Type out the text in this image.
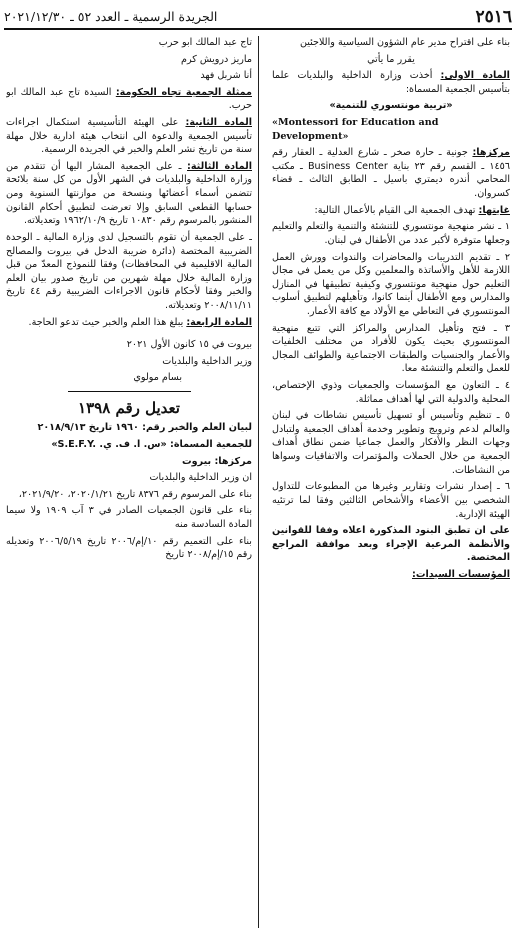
٢٥١٦
الجريدة الرسمية ـ العدد ٥٢ ـ ٢٠٢١/١٢/٣٠

بناء على اقتراح مدير عام الشؤون السياسية واللاجئين

يقرر ما يأتي

المادة الاولى: أخذت وزارة الداخلية والبلديات علما بتأسيس الجمعية المسماة:

«تربية مونتسوري للتنمية»

«Montessori for Education and Development»

مركزها: جونية ـ حارة صخر ـ شارع العدلية ـ العقار رقم ١٤٥٦ ـ القسم رقم ٢٣ بناية Business Center ـ مكتب المحامي أندره ديمتري باسيل ـ الطابق الثالث ـ قضاء كسروان.

غايتها: تهدف الجمعية الى القيام بالأعمال التالية:

١ ـ نشر منهجية مونتسوري للتنشئة والتنمية والتعلم والتعليم وجعلها متوفرة لأكبر عدد من الأطفال في لبنان.

٢ ـ تقديم التدريبات والمحاضرات والندوات وورش العمل اللازمة للأهل والأساتذة والمعلمين وكل من يعمل في مجال التعليم حول منهجية مونتسوري وكيفية تطبيقها في المنازل والمدارس ومع الأطفال أينما كانوا، وتأهيلهم لتطبيق أسلوب المونتسوري في التعاطي مع الأولاد مع كافة الأعمار.

٣ ـ فتح وتأهيل المدارس والمراكز التي تتبع منهجية المونتسوري بحيث يكون للأفراد من مختلف الخلفيات والأعمار والجنسيات والطبقات الاجتماعية والطوائف المجال للعمل والتعلم والتنشئة معا.

٤ ـ التعاون مع المؤسسات والجمعيات وذوي الإختصاص، المحلية والدولية التي لها أهداف مماثلة.

٥ ـ تنظيم وتأسيس أو تسهيل تأسيس نشاطات في لبنان والعالم لدعم وترويج وتطوير وخدمة أهداف الجمعية ولتبادل وجهات النظر والأفكار والعمل جماعيا ضمن نطاق أهداف الجمعية من خلال الحملات والمؤتمرات والاتفاقيات وسواها من النشاطات.

٦ ـ إصدار نشرات وتقارير وغيرها من المطبوعات للتداول الشخصي بين الأعضاء والأشخاص الثالثين وفقا لما ترتئيه الهيئة الإدارية.

على ان تطبق البنود المذكورة اعلاه وفقا للقوانين والأنظمة المرعية الإجراء وبعد موافقة المراجع المختصة.

المؤسسات السيدات:

تاج عبد المالك ابو حرب

ماريز درويش كرم

أنا شربل فهد

ممثلة الجمعية تجاه الحكومة: السيدة تاج عبد المالك ابو حرب.

المادة الثانية: على الهيئة التأسيسية استكمال اجراءات تأسيس الجمعية والدعوة الى انتخاب هيئة ادارية خلال مهلة سنة من تاريخ نشر العلم والخبر في الجريدة الرسمية.

المادة الثالثة: ـ على الجمعية المشار اليها أن تتقدم من وزارة الداخلية والبلديات في الشهر الأول من كل سنة بلائحة تتضمن أسماء أعضائها وبنسخة من موازنتها السنوية ومن حسابها القطعي السابق وإلا تعرضت لتطبيق أحكام القانون المنشور بالمرسوم رقم ١٠٨٣٠ تاريخ ١٩٦٢/١٠/٩ وتعديلاته.

ـ على الجمعية أن تقوم بالتسجيل لدى وزارة المالية ـ الوحدة الضريبية المختصة (دائرة ضريبة الدخل في بيروت والمصالح المالية الاقليمية في المحافظات) وفقا للنموذج المعدّ من قبل وزارة المالية خلال مهلة شهرين من تاريخ صدور بيان العلم والخبر وفقا لأحكام قانون الاجراءات الضريبية رقم ٤٤ تاريخ ٢٠٠٨/١١/١١ وتعديلاته.

المادة الرابعة: يبلغ هذا العلم والخبر حيث تدعو الحاجة.

بيروت في ١٥ كانون الأول ٢٠٢١

وزير الداخلية والبلديات

بسام مولوي

تعديل رقم ١٣٩٨

لبيان العلم والخبر رقم: ١٩٦٠ تاريخ ٢٠١٨/٩/١٣

للجمعية المسماة: «س. ا. ف. ي. S.E.F.Y.»

مركزها: بيروت

ان وزير الداخلية والبلديات

بناء على المرسوم رقم ٨٣٧٦ تاريخ ٢٠٢٠/١/٢١، ٢٠٢١/٩/٢٠،

بناء على قانون الجمعيات الصادر في ٣ آب ١٩٠٩ ولا سيما المادة السادسة منه

بناء على التعميم رقم ١٠/إم/٢٠٠٦ تاريخ ٢٠٠٦/٥/١٩ وتعديله رقم ١٥/إم/٢٠٠٨ تاريخ
